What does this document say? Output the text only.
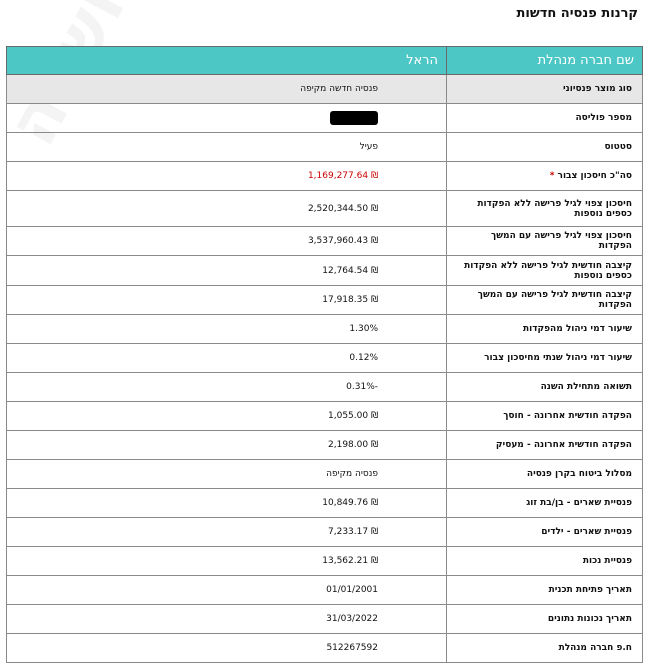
קרנות פנסיה חדשות
שם חברה מנהלת	הראל
סוג מוצר פנסיוני	פנסיה חדשה מקיפה
מספר פוליסה	
סטטוס	פעיל
סה"כ חיסכון צבור *	₪ 1,169,277.64
חיסכון צפוי לגיל פרישה ללא הפקדות כספים נוספות	₪ 2,520,344.50
חיסכון צפוי לגיל פרישה עם המשך הפקדות	₪ 3,537,960.43
קיצבה חודשית לגיל פרישה ללא הפקדות כספים נוספות	₪ 12,764.54
קיצבה חודשית לגיל פרישה עם המשך הפקדות	₪ 17,918.35
שיעור דמי ניהול מהפקדות	1.30%
שיעור דמי ניהול שנתי מחיסכון צבור	0.12%
תשואה מתחילת השנה	-0.31%
הפקדה חודשית אחרונה - חוסך	₪ 1,055.00
הפקדה חודשית אחרונה - מעסיק	₪ 2,198.00
מסלול ביטוח בקרן פנסיה	פנסיה מקיפה
פנסיית שארים - בן/בת זוג	₪ 10,849.76
פנסיית שארים - ילדים	₪ 7,233.17
פנסיית נכות	₪ 13,562.21
תאריך פתיחת תכנית	01/01/2001
תאריך נכונות נתונים	31/03/2022
ח.פ חברה מנהלת	512267592
